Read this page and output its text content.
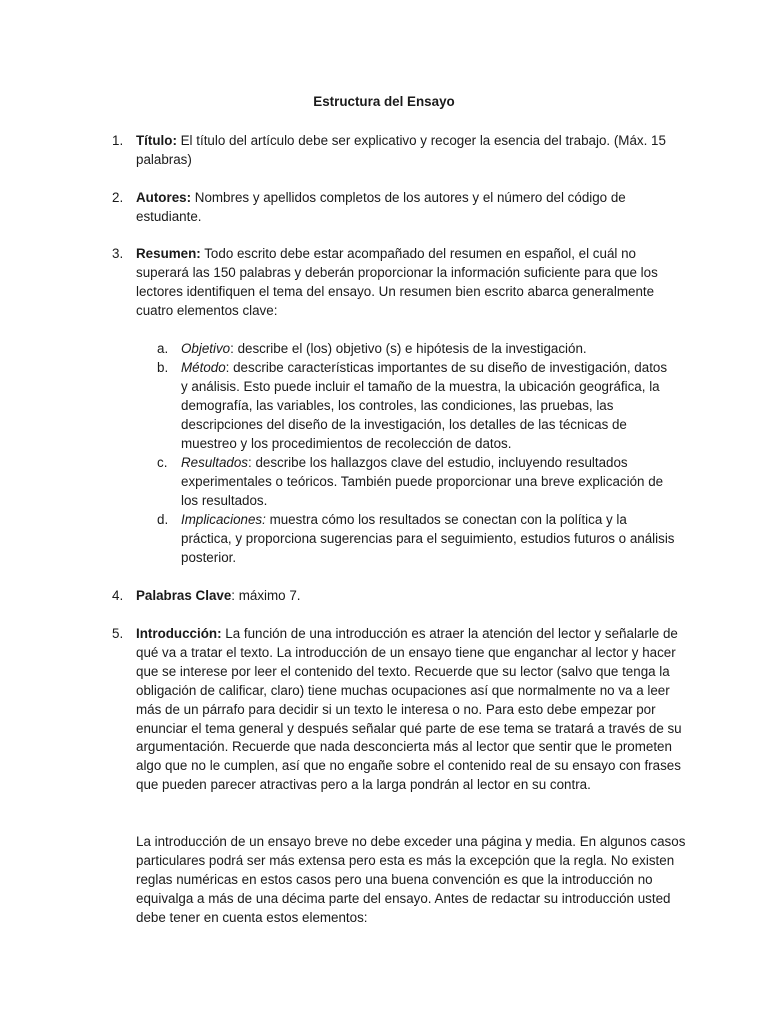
Estructura del Ensayo
1. Título: El título del artículo debe ser explicativo y recoger la esencia del trabajo. (Máx. 15 palabras)
2. Autores: Nombres y apellidos completos de los autores y el número del código de estudiante.
3. Resumen: Todo escrito debe estar acompañado del resumen en español, el cuál no superará las 150 palabras y deberán proporcionar la información suficiente para que los lectores identifiquen el tema del ensayo. Un resumen bien escrito abarca generalmente cuatro elementos clave:
a. Objetivo: describe el (los) objetivo (s) e hipótesis de la investigación.
b. Método: describe características importantes de su diseño de investigación, datos y análisis. Esto puede incluir el tamaño de la muestra, la ubicación geográfica, la demografía, las variables, los controles, las condiciones, las pruebas, las descripciones del diseño de la investigación, los detalles de las técnicas de muestreo y los procedimientos de recolección de datos.
c. Resultados: describe los hallazgos clave del estudio, incluyendo resultados experimentales o teóricos. También puede proporcionar una breve explicación de los resultados.
d. Implicaciones: muestra cómo los resultados se conectan con la política y la práctica, y proporciona sugerencias para el seguimiento, estudios futuros o análisis posterior.
4. Palabras Clave: máximo 7.
5. Introducción: La función de una introducción es atraer la atención del lector y señalarle de qué va a tratar el texto. La introducción de un ensayo tiene que enganchar al lector y hacer que se interese por leer el contenido del texto. Recuerde que su lector (salvo que tenga la obligación de calificar, claro) tiene muchas ocupaciones así que normalmente no va a leer más de un párrafo para decidir si un texto le interesa o no. Para esto debe empezar por enunciar el tema general y después señalar qué parte de ese tema se tratará a través de su argumentación. Recuerde que nada desconcierta más al lector que sentir que le prometen algo que no le cumplen, así que no engañe sobre el contenido real de su ensayo con frases que pueden parecer atractivas pero a la larga pondrán al lector en su contra.
La introducción de un ensayo breve no debe exceder una página y media. En algunos casos particulares podrá ser más extensa pero esta es más la excepción que la regla. No existen reglas numéricas en estos casos pero una buena convención es que la introducción no equivalga a más de una décima parte del ensayo. Antes de redactar su introducción usted debe tener en cuenta estos elementos:
